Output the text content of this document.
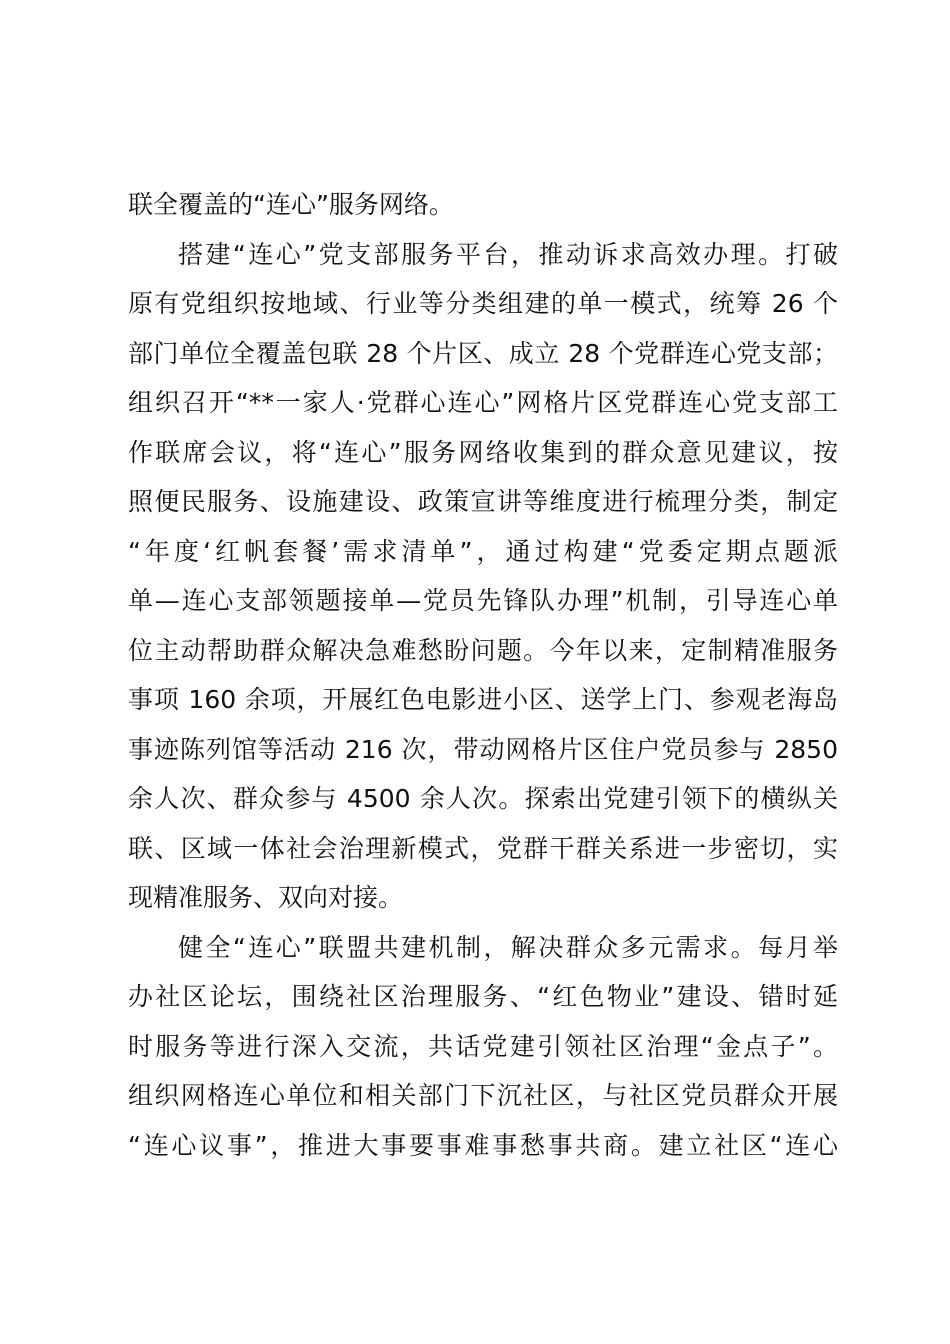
联全覆盖的“连心”服务网络。
搭建“连心”党支部服务平台，推动诉求高效办理。打破
原有党组织按地域、行业等分类组建的单一模式，统筹 26 个
部门单位全覆盖包联 28 个片区、成立 28 个党群连心党支部；
组织召开“**一家人·党群心连心”网格片区党群连心党支部工
作联席会议，将“连心”服务网络收集到的群众意见建议，按
照便民服务、设施建设、政策宣讲等维度进行梳理分类，制定
“年度‘红帆套餐’需求清单”，通过构建“党委定期点题派
单—连心支部领题接单—党员先锋队办理”机制，引导连心单
位主动帮助群众解决急难愁盼问题。今年以来，定制精准服务
事项 160 余项，开展红色电影进小区、送学上门、参观老海岛
事迹陈列馆等活动 216 次，带动网格片区住户党员参与 2850
余人次、群众参与 4500 余人次。探索出党建引领下的横纵关
联、区域一体社会治理新模式，党群干群关系进一步密切，实
现精准服务、双向对接。
健全“连心”联盟共建机制，解决群众多元需求。每月举
办社区论坛，围绕社区治理服务、“红色物业”建设、错时延
时服务等进行深入交流，共话党建引领社区治理“金点子”。
组织网格连心单位和相关部门下沉社区，与社区党员群众开展
“连心议事”，推进大事要事难事愁事共商。建立社区“连心
